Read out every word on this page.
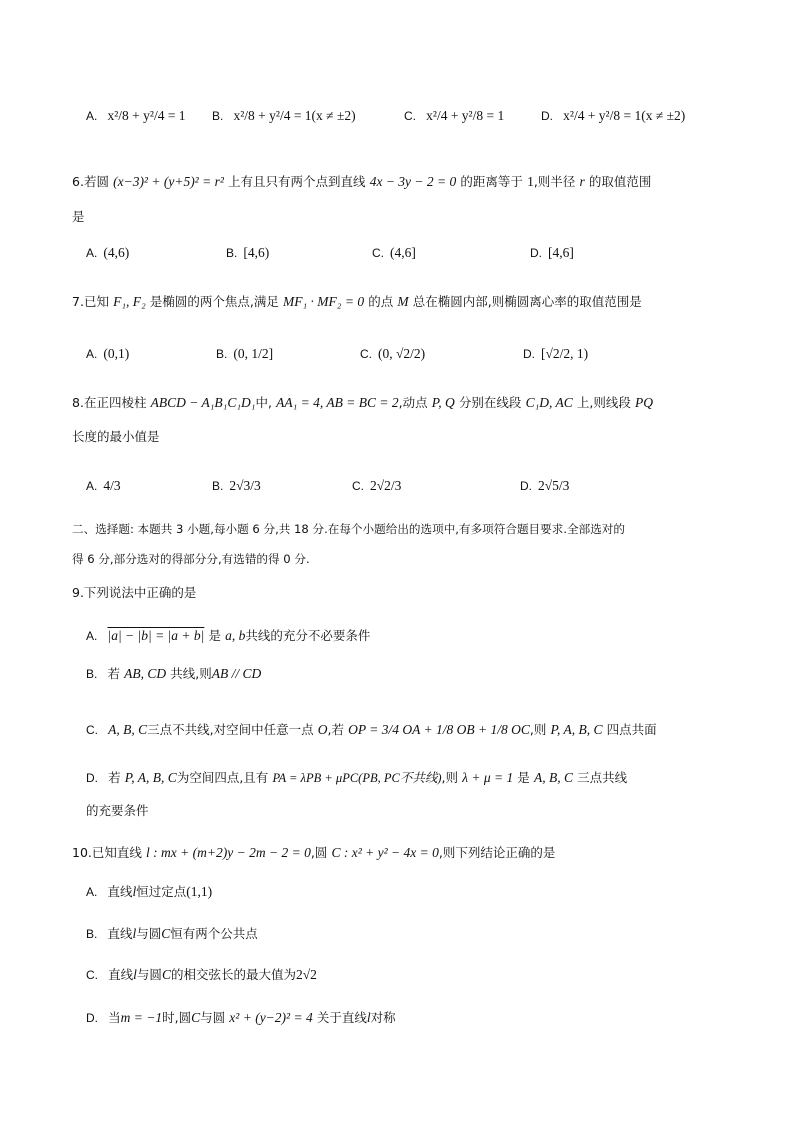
A. x²/8 + y²/4 = 1 B. x²/8 + y²/4 = 1(x ≠ ±2)	C. x²/4 + y²/8 = 1	D. x²/4 + y²/8 = 1(x ≠ ±2)
6.若圆 (x−3)² + (y+5)² = r² 上有且只有两个点到直线 4x − 3y − 2 = 0 的距离等于 1,则半径 r 的取值范围
是
A. (4,6)	B. [4,6)	C. (4,6]	D. [4,6]
7.已知 F₁, F₂ 是椭圆的两个焦点,满足 MF₁ · MF₂ = 0 的点 M 总在椭圆内部,则椭圆离心率的取值范围是
A. (0,1)	B. (0, 1/2]	C. (0, √2/2)	D. [√2/2, 1)
8.在正四棱柱 ABCD − A₁B₁C₁D₁中, AA₁ = 4, AB = BC = 2,动点 P, Q 分别在线段 C₁D, AC 上,则线段 PQ
长度的最小值是
A. 4/3	B. 2√3/3	C. 2√2/3	D. 2√5/3
二、选择题: 本题共 3 小题,每小题 6 分,共 18 分.在每个小题给出的选项中,有多项符合题目要求.全部选对的
得 6 分,部分选对的得部分分,有选错的得 0 分.
9.下列说法中正确的是
A. |a| − |b| = |a + b| 是 a, b共线的充分不必要条件
B. 若 AB, CD 共线,则AB // CD
C. A, B, C三点不共线,对空间中任意一点 O,若 OP = 3/4 OA + 1/8 OB + 1/8 OC,则 P, A, B, C 四点共面
D. 若 P, A, B, C为空间四点,且有 PA = λPB + μPC(PB, PC不共线),则 λ + μ = 1 是 A, B, C 三点共线
的充要条件
10.已知直线 l : mx + (m+2)y − 2m − 2 = 0,圆 C : x² + y² − 4x = 0,则下列结论正确的是
A. 直线l恒过定点(1,1)
B. 直线l与圆C恒有两个公共点
C. 直线l与圆C的相交弦长的最大值为2√2
D. 当m = −1时,圆C与圆 x² + (y−2)² = 4 关于直线l对称
